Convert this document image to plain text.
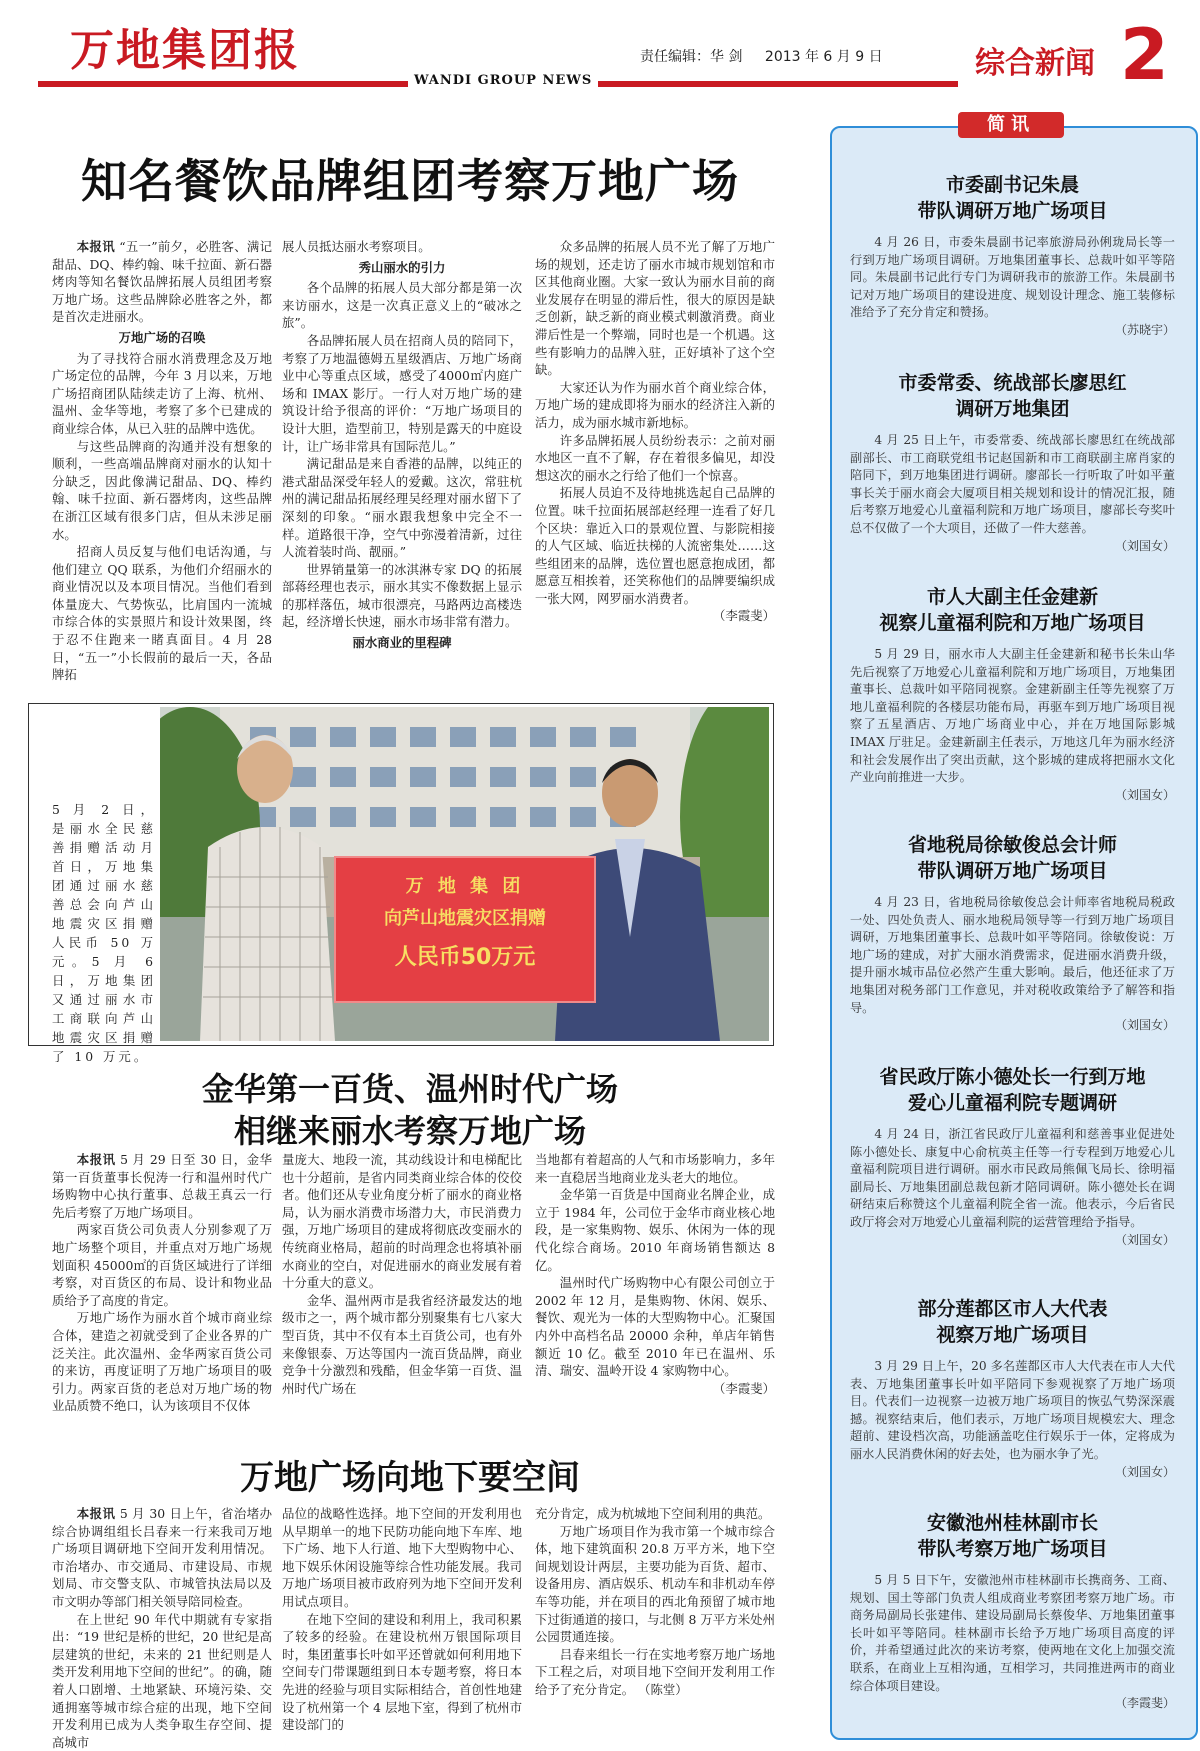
万地集团报	责任编辑：华 剑 2013 年 6 月 9 日
WANDI GROUP NEWS	综合新闻 2
知名餐饮品牌组团考察万地广场

本报讯 “五一”前夕，必胜客、满记甜品、DQ、棒约翰、味千拉面、新石器烤肉等知名餐饮品牌拓展人员组团考察万地广场。这些品牌除必胜客之外，都是首次走进丽水。

万地广场的召唤

为了寻找符合丽水消费理念及万地广场定位的品牌，今年 3 月以来，万地广场招商团队陆续走访了上海、杭州、温州、金华等地，考察了多个已建成的商业综合体，从已入驻的品牌中选优。

与这些品牌商的沟通并没有想象的顺利，一些高端品牌商对丽水的认知十分缺乏，因此像满记甜品、DQ、棒约翰、味千拉面、新石器烤肉，这些品牌在浙江区域有很多门店，但从未涉足丽水。

招商人员反复与他们电话沟通，与他们建立 QQ 联系，为他们介绍丽水的商业情况以及本项目情况。当他们看到体量庞大、气势恢弘，比肩国内一流城市综合体的实景照片和设计效果图，终于忍不住跑来一睹真面目。4 月 28 日，“五一”小长假前的最后一天，各品牌拓

展人员抵达丽水考察项目。

秀山丽水的引力

各个品牌的拓展人员大部分都是第一次来访丽水，这是一次真正意义上的“破冰之旅”。

各品牌拓展人员在招商人员的陪同下，考察了万地温德姆五星级酒店、万地广场商业中心等重点区域，感受了4000㎡内庭广场和 IMAX 影厅。一行人对万地广场的建筑设计给予很高的评价：“万地广场项目的设计大胆，造型前卫，特别是露天的中庭设计，让广场非常具有国际范儿。”

满记甜品是来自香港的品牌，以纯正的港式甜品深受年轻人的爱戴。这次，常驻杭州的满记甜品拓展经理吴经理对丽水留下了深刻的印象。“丽水跟我想象中完全不一样。道路很干净，空气中弥漫着清新，过往人流着装时尚、靓丽。”

世界销量第一的冰淇淋专家 DQ 的拓展部蒋经理也表示，丽水其实不像数据上显示的那样落伍，城市很漂亮，马路两边高楼迭起，经济增长快速，丽水市场非常有潜力。

丽水商业的里程碑

众多品牌的拓展人员不光了解了万地广场的规划，还走访了丽水市城市规划馆和市区其他商业圈。大家一致认为丽水目前的商业发展存在明显的滞后性，很大的原因是缺乏创新，缺乏新的商业模式刺激消费。商业滞后性是一个弊端，同时也是一个机遇。这些有影响力的品牌入驻，正好填补了这个空缺。

大家还认为作为丽水首个商业综合体，万地广场的建成即将为丽水的经济注入新的活力，成为丽水城市新地标。

许多品牌拓展人员纷纷表示：之前对丽水地区一直不了解，存在着很多偏见，却没想这次的丽水之行给了他们一个惊喜。

拓展人员迫不及待地挑选起自己品牌的位置。味千拉面拓展部赵经理一连看了好几个区块：靠近入口的景观位置、与影院相接的人气区域、临近扶梯的人流密集处……这些组团来的品牌，选位置也愿意抱成团，都愿意互相挨着，还笑称他们的品牌要编织成一张大网，网罗丽水消费者。

（李霞斐）

5 月 2 日，是丽水全民慈善捐赠活动月首日，万地集团通过丽水慈善总会向芦山地震灾区捐赠人民币 50 万元。5 月 6 日，万地集团又通过丽水市工商联向芦山地震灾区捐赠了 10 万元。
万 地 集 团
向芦山地震灾区捐赠
人民币50万元
金华第一百货、温州时代广场
相继来丽水考察万地广场

本报讯 5 月 29 日至 30 日，金华第一百货董事长倪涛一行和温州时代广场购物中心执行董事、总裁王真云一行先后考察了万地广场项目。

两家百货公司负责人分别参观了万地广场整个项目，并重点对万地广场规划面积 45000㎡的百货区域进行了详细考察，对百货区的布局、设计和物业品质给予了高度的肯定。

万地广场作为丽水首个城市商业综合体，建造之初就受到了企业各界的广泛关注。此次温州、金华两家百货公司的来访，再度证明了万地广场项目的吸引力。两家百货的老总对万地广场的物业品质赞不绝口，认为该项目不仅体

量庞大、地段一流，其动线设计和电梯配比也十分超前，是省内同类商业综合体的佼佼者。他们还从专业角度分析了丽水的商业格局，认为丽水消费市场潜力大，市民消费力强，万地广场项目的建成将彻底改变丽水的传统商业格局，超前的时尚理念也将填补丽水商业的空白，对促进丽水的商业发展有着十分重大的意义。

金华、温州两市是我省经济最发达的地级市之一，两个城市都分别聚集有七八家大型百货，其中不仅有本土百货公司，也有外来像银泰、万达等国内一流百货品牌，商业竞争十分激烈和残酷，但金华第一百货、温州时代广场在

当地都有着超高的人气和市场影响力，多年来一直稳居当地商业龙头老大的地位。

金华第一百货是中国商业名牌企业，成立于 1984 年，公司位于金华市商业核心地段，是一家集购物、娱乐、休闲为一体的现代化综合商场。2010 年商场销售额达 8 亿。

温州时代广场购物中心有限公司创立于 2002 年 12 月，是集购物、休闲、娱乐、餐饮、观光为一体的大型购物中心。汇聚国内外中高档名品 20000 余种，单店年销售额近 10 亿。截至 2010 年已在温州、乐清、瑞安、温岭开设 4 家购物中心。

（李霞斐）

万地广场向地下要空间

本报讯 5 月 30 日上午，省治堵办综合协调组组长吕春来一行来我司万地广场项目调研地下空间开发利用情况。市治堵办、市交通局、市建设局、市规划局、市交警支队、市城管执法局以及市文明办等部门相关领导陪同检查。

在上世纪 90 年代中期就有专家指出：“19 世纪是桥的世纪，20 世纪是高层建筑的世纪，未来的 21 世纪则是人类开发利用地下空间的世纪”。的确，随着人口剧增、土地紧缺、环境污染、交通拥塞等城市综合症的出现，地下空间开发利用已成为人类争取生存空间、提高城市

品位的战略性选择。地下空间的开发利用也从早期单一的地下民防功能向地下车库、地下广场、地下人行道、地下大型购物中心、地下娱乐休闲设施等综合性功能发展。我司万地广场项目被市政府列为地下空间开发利用试点项目。

在地下空间的建设和利用上，我司积累了较多的经验。在建设杭州万银国际项目时，集团董事长叶如平还曾就如何利用地下空间专门带课题组到日本专题考察，将日本先进的经验与项目实际相结合，首创性地建设了杭州第一个 4 层地下室，得到了杭州市建设部门的

充分肯定，成为杭城地下空间利用的典范。

万地广场项目作为我市第一个城市综合体，地下建筑面积 20.8 万平方米，地下空间规划设计两层，主要功能为百货、超市、设备用房、酒店娱乐、机动车和非机动车停车等功能，并在项目的西北角预留了城市地下过街通道的接口，与北侧 8 万平方米处州公园贯通连接。

吕春来组长一行在实地考察万地广场地下工程之后，对项目地下空间开发利用工作给予了充分肯定。 （陈堂）

简讯
市委副书记朱晨
带队调研万地广场项目

4 月 26 日，市委朱晨副书记率旅游局孙俐珑局长等一行到万地广场项目调研。万地集团董事长、总裁叶如平等陪同。朱晨副书记此行专门为调研我市的旅游工作。朱晨副书记对万地广场项目的建设进度、规划设计理念、施工装修标准给予了充分肯定和赞扬。

（苏晓宇）

市委常委、统战部长廖思红
调研万地集团

4 月 25 日上午，市委常委、统战部长廖思红在统战部副部长、市工商联党组书记赵国新和市工商联副主席肖家的陪同下，到万地集团进行调研。廖部长一行听取了叶如平董事长关于丽水商会大厦项目相关规划和设计的情况汇报，随后考察万地爱心儿童福利院和万地广场项目，廖部长夸奖叶总不仅做了一个大项目，还做了一件大慈善。

（刘国女）

市人大副主任金建新
视察儿童福利院和万地广场项目

5 月 29 日，丽水市人大副主任金建新和秘书长朱山华先后视察了万地爱心儿童福利院和万地广场项目，万地集团董事长、总裁叶如平陪同视察。金建新副主任等先视察了万地儿童福利院的各楼层功能布局，再驱车到万地广场项目视察了五星酒店、万地广场商业中心，并在万地国际影城 IMAX 厅驻足。金建新副主任表示，万地这几年为丽水经济和社会发展作出了突出贡献，这个影城的建成将把丽水文化产业向前推进一大步。

（刘国女）

省地税局徐敏俊总会计师
带队调研万地广场项目

4 月 23 日，省地税局徐敏俊总会计师率省地税局税政一处、四处负责人、丽水地税局领导等一行到万地广场项目调研，万地集团董事长、总裁叶如平等陪同。徐敏俊说：万地广场的建成，对扩大丽水消费需求，促进丽水消费升级，提升丽水城市品位必然产生重大影响。最后，他还征求了万地集团对税务部门工作意见，并对税收政策给予了解答和指导。

（刘国女）

省民政厅陈小德处长一行到万地
爱心儿童福利院专题调研

4 月 24 日，浙江省民政厅儿童福利和慈善事业促进处陈小德处长、康复中心俞杭英主任等一行专程到万地爱心儿童福利院项目进行调研。丽水市民政局熊佩飞局长、徐明福副局长、万地集团副总裁包新才陪同调研。陈小德处长在调研结束后称赞这个儿童福利院全省一流。他表示，今后省民政厅将会对万地爱心儿童福利院的运营管理给予指导。

（刘国女）

部分莲都区市人大代表
视察万地广场项目

3 月 29 日上午，20 多名莲都区市人大代表在市人大代表、万地集团董事长叶如平陪同下参观视察了万地广场项目。代表们一边视察一边被万地广场项目的恢弘气势深深震撼。视察结束后，他们表示，万地广场项目规模宏大、理念超前、建设档次高，功能涵盖吃住行娱乐于一体，定将成为丽水人民消费休闲的好去处，也为丽水争了光。

（刘国女）

安徽池州桂林副市长
带队考察万地广场项目

5 月 5 日下午，安徽池州市桂林副市长携商务、工商、规划、国土等部门负责人组成商业考察团考察万地广场。市商务局副局长张建伟、建设局副局长蔡俊华、万地集团董事长叶如平等陪同。桂林副市长给予万地广场项目高度的评价，并希望通过此次的来访考察，使两地在文化上加强交流联系，在商业上互相沟通，互相学习，共同推进两市的商业综合体项目建设。

（李霞斐）
